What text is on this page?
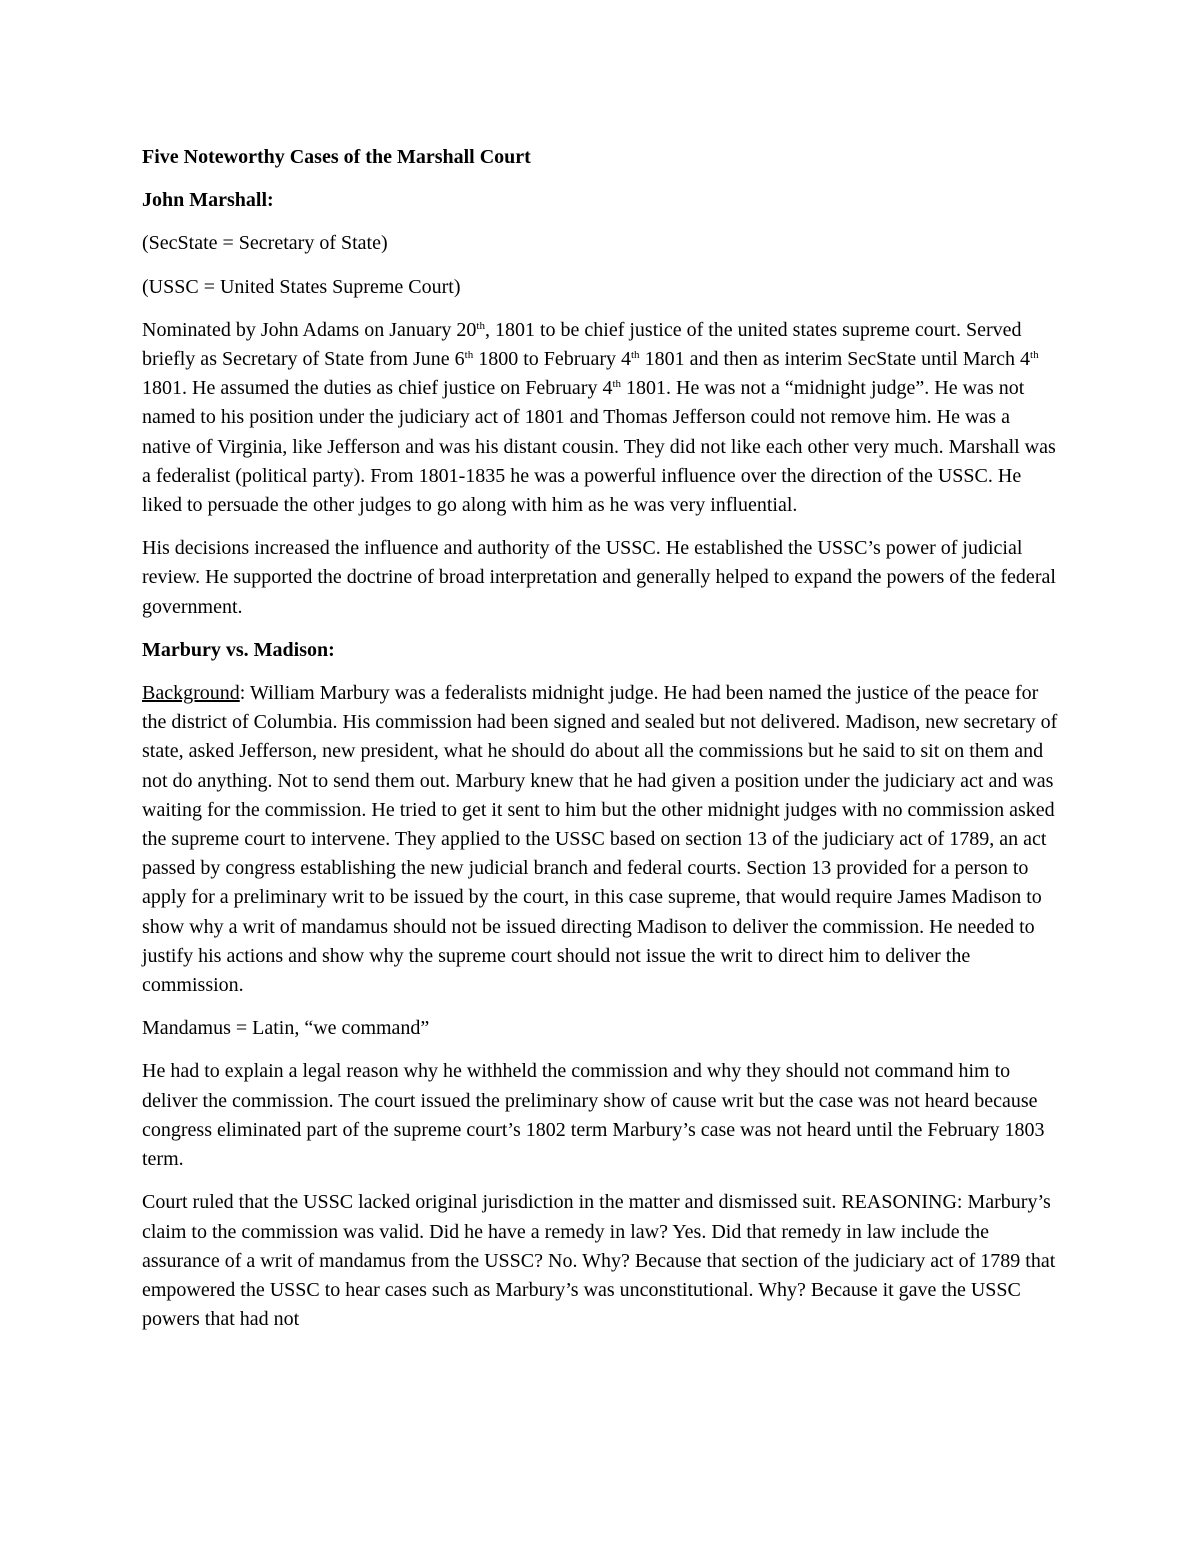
Five Noteworthy Cases of the Marshall Court

John Marshall:

(SecState = Secretary of State)

(USSC = United States Supreme Court)

Nominated by John Adams on January 20th, 1801 to be chief justice of the united states supreme court. Served briefly as Secretary of State from June 6th 1800 to February 4th 1801 and then as interim SecState until March 4th 1801. He assumed the duties as chief justice on February 4th 1801. He was not a “midnight judge”. He was not named to his position under the judiciary act of 1801 and Thomas Jefferson could not remove him. He was a native of Virginia, like Jefferson and was his distant cousin. They did not like each other very much. Marshall was a federalist (political party). From 1801-1835 he was a powerful influence over the direction of the USSC. He liked to persuade the other judges to go along with him as he was very influential.

His decisions increased the influence and authority of the USSC. He established the USSC’s power of judicial review. He supported the doctrine of broad interpretation and generally helped to expand the powers of the federal government.

Marbury vs. Madison:

Background: William Marbury was a federalists midnight judge. He had been named the justice of the peace for the district of Columbia. His commission had been signed and sealed but not delivered. Madison, new secretary of state, asked Jefferson, new president, what he should do about all the commissions but he said to sit on them and not do anything. Not to send them out. Marbury knew that he had given a position under the judiciary act and was waiting for the commission. He tried to get it sent to him but the other midnight judges with no commission asked the supreme court to intervene. They applied to the USSC based on section 13 of the judiciary act of 1789, an act passed by congress establishing the new judicial branch and federal courts. Section 13 provided for a person to apply for a preliminary writ to be issued by the court, in this case supreme, that would require James Madison to show why a writ of mandamus should not be issued directing Madison to deliver the commission. He needed to justify his actions and show why the supreme court should not issue the writ to direct him to deliver the commission.

Mandamus = Latin, “we command”

He had to explain a legal reason why he withheld the commission and why they should not command him to deliver the commission. The court issued the preliminary show of cause writ but the case was not heard because congress eliminated part of the supreme court’s 1802 term Marbury’s case was not heard until the February 1803 term.

Court ruled that the USSC lacked original jurisdiction in the matter and dismissed suit. REASONING: Marbury’s claim to the commission was valid. Did he have a remedy in law? Yes. Did that remedy in law include the assurance of a writ of mandamus from the USSC? No. Why? Because that section of the judiciary act of 1789 that empowered the USSC to hear cases such as Marbury’s was unconstitutional. Why? Because it gave the USSC powers that had not
